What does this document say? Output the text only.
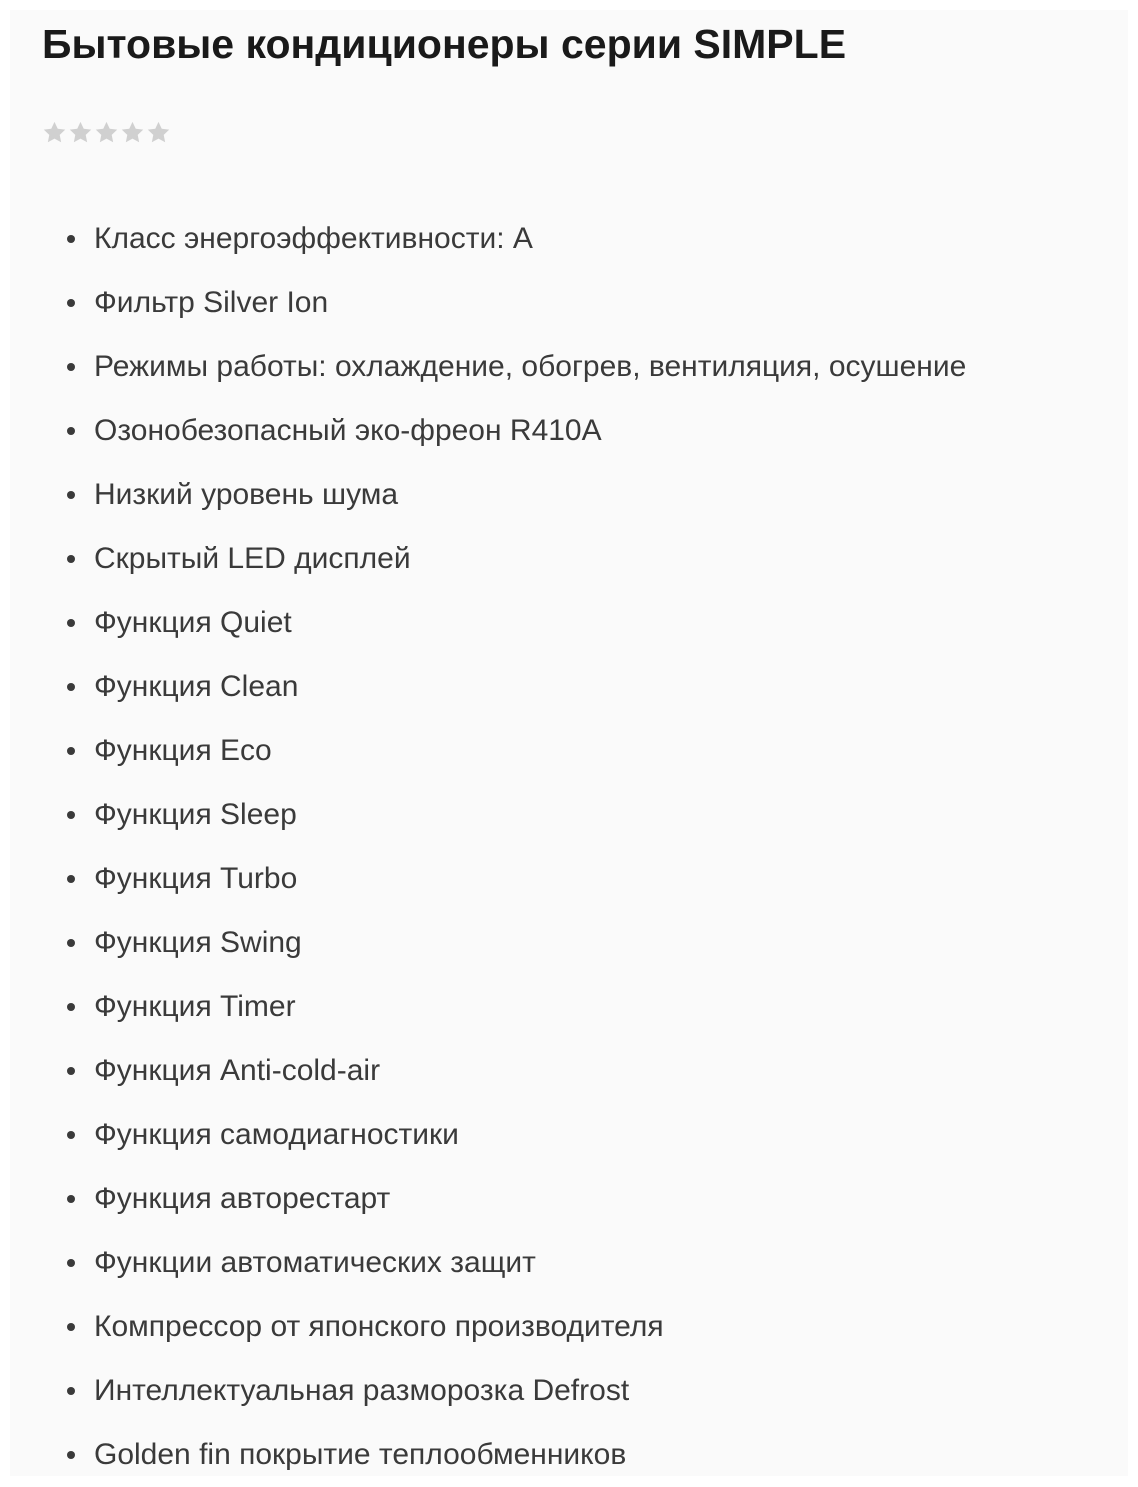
Бытовые кондиционеры серии SIMPLE
Класс энергоэффективности: A
Фильтр Silver Ion
Режимы работы: охлаждение, обогрев, вентиляция, осушение
Озонобезопасный эко-фреон R410A
Низкий уровень шума
Скрытый LED дисплей
Функция Quiet
Функция Clean
Функция Eco
Функция Sleep
Функция Turbo
Функция Swing
Функция Timer
Функция Anti-cold-air
Функция самодиагностики
Функция авторестарт
Функции автоматических защит
Компрессор от японского производителя
Интеллектуальная разморозка Defrost
Golden fin покрытие теплообменников
